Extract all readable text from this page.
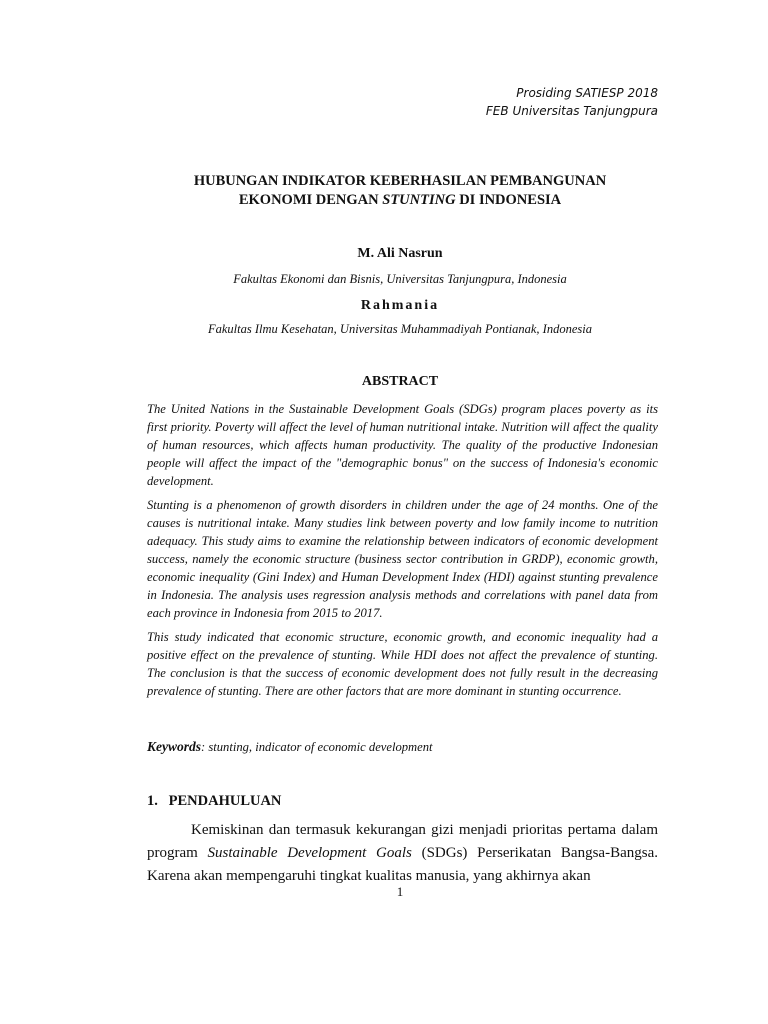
Prosiding SATIESP 2018
FEB Universitas Tanjungpura
HUBUNGAN INDIKATOR KEBERHASILAN PEMBANGUNAN
EKONOMI DENGAN STUNTING DI INDONESIA
M. Ali Nasrun
Fakultas Ekonomi dan Bisnis, Universitas Tanjungpura, Indonesia
Rahmania
Fakultas Ilmu Kesehatan, Universitas Muhammadiyah Pontianak, Indonesia
ABSTRACT

The United Nations in the Sustainable Development Goals (SDGs) program places poverty as its first priority. Poverty will affect the level of human nutritional intake. Nutrition will affect the quality of human resources, which affects human productivity. The quality of the productive Indonesian people will affect the impact of the "demographic bonus" on the success of Indonesia's economic development.

Stunting is a phenomenon of growth disorders in children under the age of 24 months. One of the causes is nutritional intake. Many studies link between poverty and low family income to nutrition adequacy. This study aims to examine the relationship between indicators of economic development success, namely the economic structure (business sector contribution in GRDP), economic growth, economic inequality (Gini Index) and Human Development Index (HDI) against stunting prevalence in Indonesia. The analysis uses regression analysis methods and correlations with panel data from each province in Indonesia from 2015 to 2017.

This study indicated that economic structure, economic growth, and economic inequality had a positive effect on the prevalence of stunting. While HDI does not affect the prevalence of stunting. The conclusion is that the success of economic development does not fully result in the decreasing prevalence of stunting. There are other factors that are more dominant in stunting occurrence.

Keywords: stunting, indicator of economic development
1. PENDAHULUAN
Kemiskinan dan termasuk kekurangan gizi menjadi prioritas pertama dalam program Sustainable Development Goals (SDGs) Perserikatan Bangsa-Bangsa. Karena akan mempengaruhi tingkat kualitas manusia, yang akhirnya akan
1
